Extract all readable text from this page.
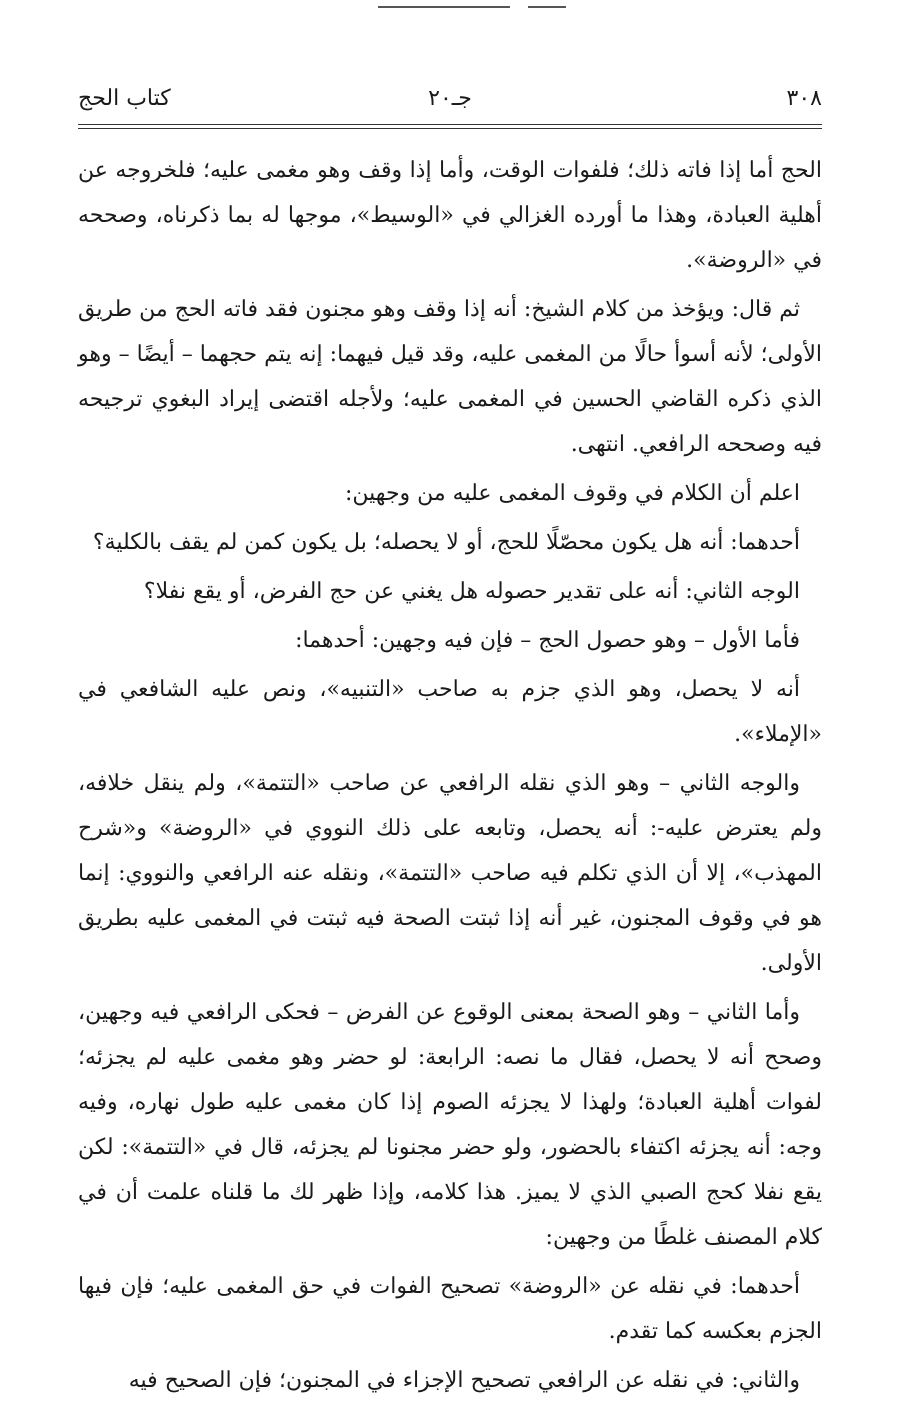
٣٠٨
جـ٢٠
كتاب الحج

الحج أما إذا فاته ذلك؛ فلفوات الوقت، وأما إذا وقف وهو مغمى عليه؛ فلخروجه عن أهلية العبادة، وهذا ما أورده الغزالي في «الوسيط»، موجها له بما ذكرناه، وصححه في «الروضة».

ثم قال: ويؤخذ من كلام الشيخ: أنه إذا وقف وهو مجنون فقد فاته الحج من طريق الأولى؛ لأنه أسوأ حالًا من المغمى عليه، وقد قيل فيهما: إنه يتم حجهما – أيضًا – وهو الذي ذكره القاضي الحسين في المغمى عليه؛ ولأجله اقتضى إيراد البغوي ترجيحه فيه وصححه الرافعي. انتهى.

اعلم أن الكلام في وقوف المغمى عليه من وجهين:

أحدهما: أنه هل يكون محصّلًا للحج، أو لا يحصله؛ بل يكون كمن لم يقف بالكلية؟

الوجه الثاني: أنه على تقدير حصوله هل يغني عن حج الفرض، أو يقع نفلا؟

فأما الأول – وهو حصول الحج – فإن فيه وجهين: أحدهما:

أنه لا يحصل، وهو الذي جزم به صاحب «التنبيه»، ونص عليه الشافعي في «الإملاء».

والوجه الثاني – وهو الذي نقله الرافعي عن صاحب «التتمة»، ولم ينقل خلافه، ولم يعترض عليه-: أنه يحصل، وتابعه على ذلك النووي في «الروضة» و«شرح المهذب»، إلا أن الذي تكلم فيه صاحب «التتمة»، ونقله عنه الرافعي والنووي: إنما هو في وقوف المجنون، غير أنه إذا ثبتت الصحة فيه ثبتت في المغمى عليه بطريق الأولى.

وأما الثاني – وهو الصحة بمعنى الوقوع عن الفرض – فحكى الرافعي فيه وجهين، وصحح أنه لا يحصل، فقال ما نصه: الرابعة: لو حضر وهو مغمى عليه لم يجزئه؛ لفوات أهلية العبادة؛ ولهذا لا يجزئه الصوم إذا كان مغمى عليه طول نهاره، وفيه وجه: أنه يجزئه اكتفاء بالحضور، ولو حضر مجنونا لم يجزئه، قال في «التتمة»: لكن يقع نفلا كحج الصبي الذي لا يميز. هذا كلامه، وإذا ظهر لك ما قلناه علمت أن في كلام المصنف غلطًا من وجهين:

أحدهما: في نقله عن «الروضة» تصحيح الفوات في حق المغمى عليه؛ فإن فيها الجزم بعكسه كما تقدم.

والثاني: في نقله عن الرافعي تصحيح الإجزاء في المجنون؛ فإن الصحيح فيه
